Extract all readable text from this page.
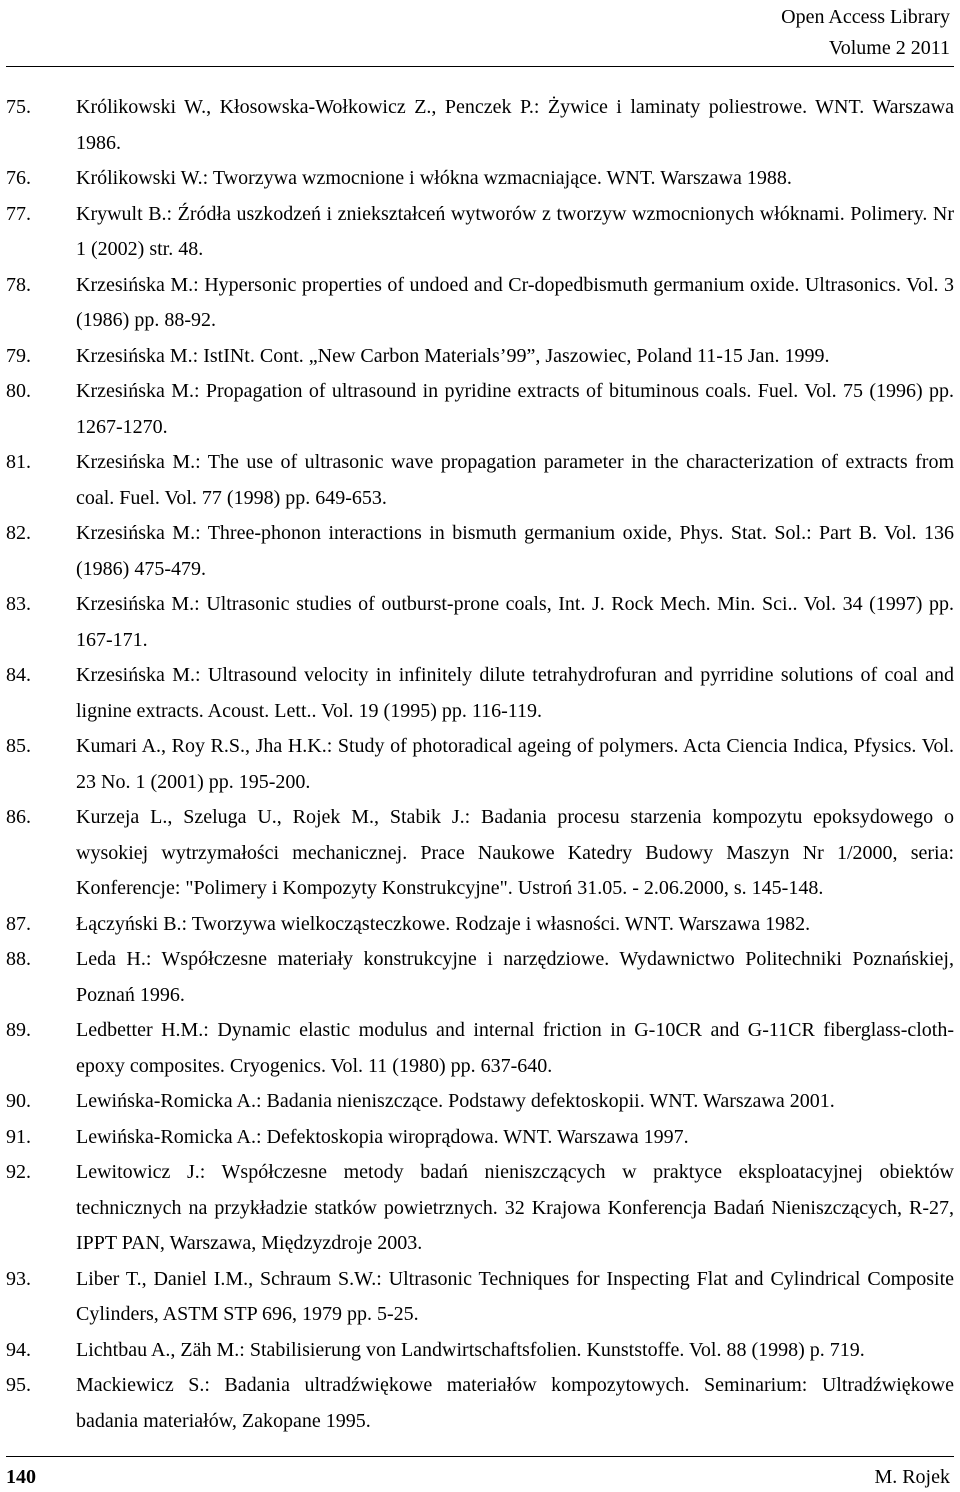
Open Access Library
Volume 2 2011
75.	Królikowski W., Kłosowska-Wołkowicz Z., Penczek P.: Żywice i laminaty poliestrowe. WNT. Warszawa 1986.
76.	Królikowski W.: Tworzywa wzmocnione i włókna wzmacniające. WNT. Warszawa 1988.
77.	Krywult B.: Źródła uszkodzeń i zniekształceń wytworów z tworzyw wzmocnionych włóknami. Polimery. Nr 1 (2002) str. 48.
78.	Krzesińska M.: Hypersonic properties of undoed and Cr-dopedbismuth germanium oxide. Ultrasonics. Vol. 3 (1986) pp. 88-92.
79.	Krzesińska M.: IstINt. Cont. „New Carbon Materials’99”, Jaszowiec, Poland 11-15 Jan. 1999.
80.	Krzesińska M.: Propagation of ultrasound in pyridine extracts of bituminous coals. Fuel. Vol. 75 (1996) pp. 1267-1270.
81.	Krzesińska M.: The use of ultrasonic wave propagation parameter in the characterization of extracts from coal. Fuel. Vol. 77 (1998) pp. 649-653.
82.	Krzesińska M.: Three-phonon interactions in bismuth germanium oxide, Phys. Stat. Sol.: Part B. Vol. 136 (1986) 475-479.
83.	Krzesińska M.: Ultrasonic studies of outburst-prone coals, Int. J. Rock Mech. Min. Sci.. Vol. 34 (1997) pp. 167-171.
84.	Krzesińska M.: Ultrasound velocity in infinitely dilute tetrahydrofuran and pyrridine solutions of coal and lignine extracts. Acoust. Lett.. Vol. 19 (1995) pp. 116-119.
85.	Kumari A., Roy R.S., Jha H.K.: Study of photoradical ageing of polymers. Acta Ciencia Indica, Pfysics. Vol. 23 No. 1 (2001) pp. 195-200.
86.	Kurzeja L., Szeluga U., Rojek M., Stabik J.: Badania procesu starzenia kompozytu epoksydowego o wysokiej wytrzymałości mechanicznej. Prace Naukowe Katedry Budowy Maszyn Nr 1/2000, seria: Konferencje: "Polimery i Kompozyty Konstrukcyjne". Ustroń 31.05. - 2.06.2000, s. 145-148.
87.	Łączyński B.: Tworzywa wielkocząsteczkowe. Rodzaje i własności. WNT. Warszawa 1982.
88.	Leda H.: Współczesne materiały konstrukcyjne i narzędziowe. Wydawnictwo Politechniki Poznańskiej, Poznań 1996.
89.	Ledbetter H.M.: Dynamic elastic modulus and internal friction in G-10CR and G-11CR fiberglass-cloth-epoxy composites. Cryogenics. Vol. 11 (1980) pp. 637-640.
90.	Lewińska-Romicka A.: Badania nieniszczące. Podstawy defektoskopii. WNT. Warszawa 2001.
91.	Lewińska-Romicka A.: Defektoskopia wiroprądowa. WNT. Warszawa 1997.
92.	Lewitowicz J.: Współczesne metody badań nieniszczących w praktyce eksploatacyjnej obiektów technicznych na przykładzie statków powietrznych. 32 Krajowa Konferencja Badań Nieniszczących, R-27, IPPT PAN, Warszawa, Międzyzdroje 2003.
93.	Liber T., Daniel I.M., Schraum S.W.: Ultrasonic Techniques for Inspecting Flat and Cylindrical Composite Cylinders, ASTM STP 696, 1979 pp. 5-25.
94.	Lichtbau A., Zäh M.: Stabilisierung von Landwirtschaftsfolien. Kunststoffe. Vol. 88 (1998) p. 719.
95.	Mackiewicz S.: Badania ultradźwiękowe materiałów kompozytowych. Seminarium: Ultradźwiękowe badania materiałów, Zakopane 1995.
140	M. Rojek
